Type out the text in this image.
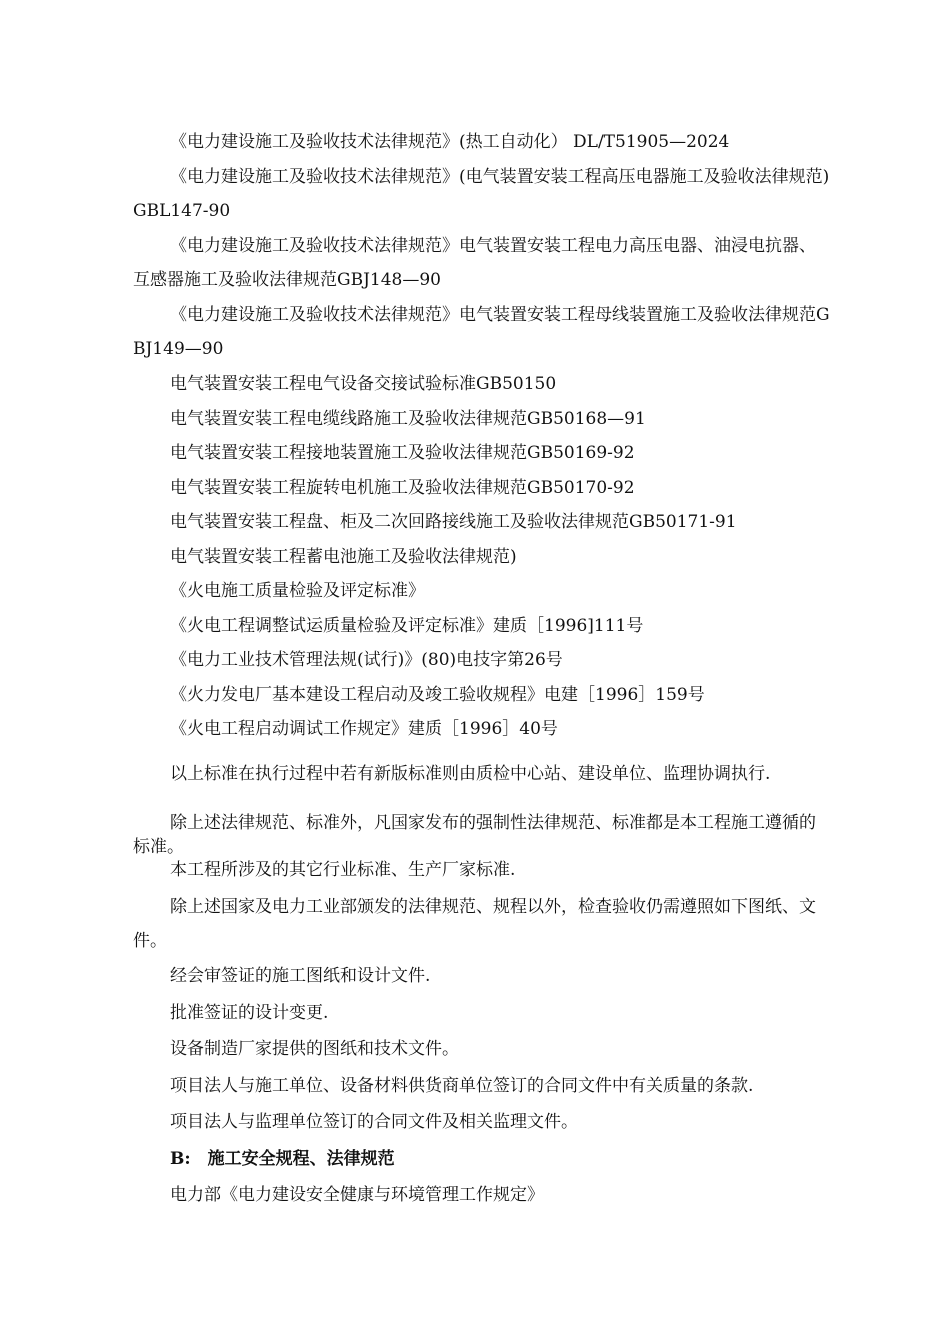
《电力建设施工及验收技术法律规范》(热工自动化） DL/T51905—2024

《电力建设施工及验收技术法律规范》(电气装置安装工程高压电器施工及验收法律规范)GBL147-90

《电力建设施工及验收技术法律规范》电气装置安装工程电力高压电器、油浸电抗器、互感器施工及验收法律规范GBJ148—90

《电力建设施工及验收技术法律规范》电气装置安装工程母线装置施工及验收法律规范GBJ149—90

电气装置安装工程电气设备交接试验标准GB50150

电气装置安装工程电缆线路施工及验收法律规范GB50168—91

电气装置安装工程接地装置施工及验收法律规范GB50169-92

电气装置安装工程旋转电机施工及验收法律规范GB50170-92

电气装置安装工程盘、柜及二次回路接线施工及验收法律规范GB50171-91

电气装置安装工程蓄电池施工及验收法律规范)

《火电施工质量检验及评定标准》

《火电工程调整试运质量检验及评定标准》建质［1996]111号

《电力工业技术管理法规(试行)》(80)电技字第26号

《火力发电厂基本建设工程启动及竣工验收规程》电建［1996］159号

《火电工程启动调试工作规定》建质［1996］40号

以上标准在执行过程中若有新版标准则由质检中心站、建设单位、监理协调执行.

除上述法律规范、标准外，凡国家发布的强制性法律规范、标准都是本工程施工遵循的标准。

本工程所涉及的其它行业标准、生产厂家标准.

除上述国家及电力工业部颁发的法律规范、规程以外，检查验收仍需遵照如下图纸、文件。

经会审签证的施工图纸和设计文件.

批准签证的设计变更.

设备制造厂家提供的图纸和技术文件。

项目法人与施工单位、设备材料供货商单位签订的合同文件中有关质量的条款.

项目法人与监理单位签订的合同文件及相关监理文件。

B:　施工安全规程、法律规范

电力部《电力建设安全健康与环境管理工作规定》
